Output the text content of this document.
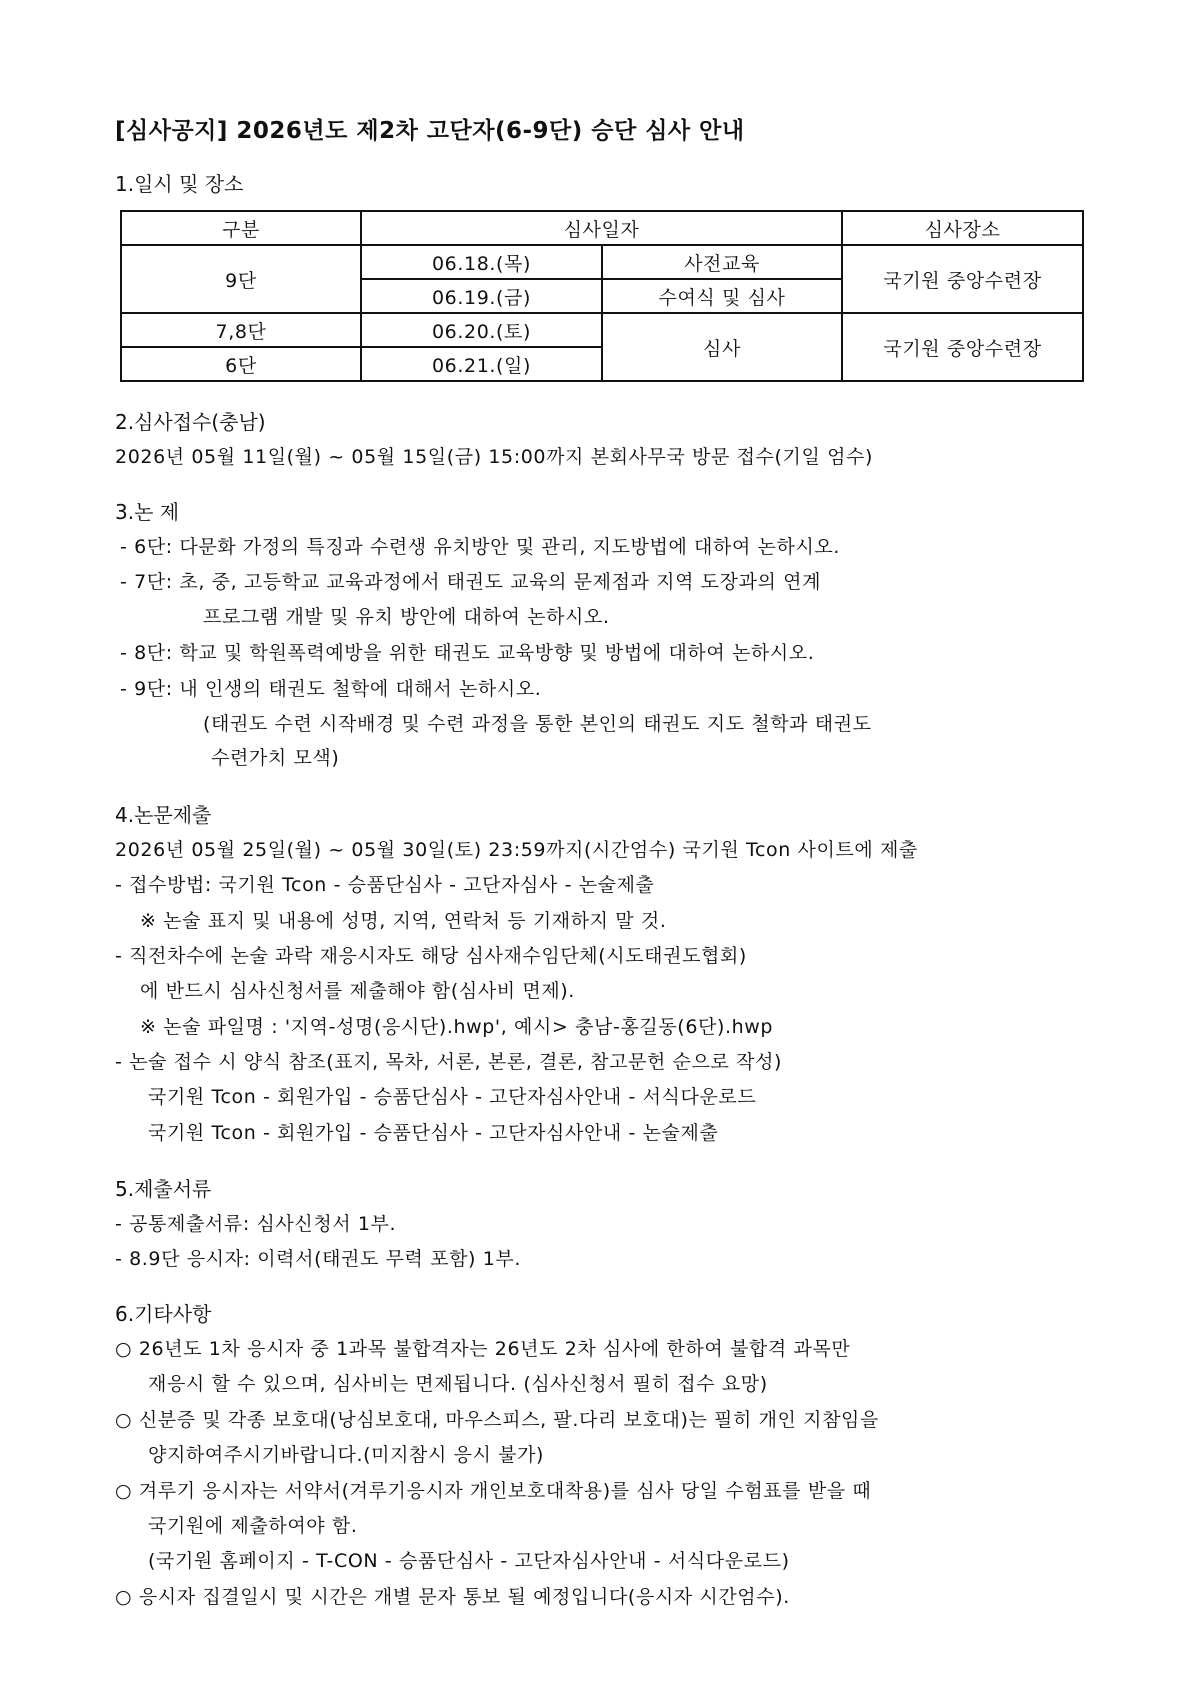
[심사공지] 2026년도 제2차 고단자(6-9단) 승단 심사 안내
1.일시 및 장소
구분	심사일자		심사장소
9단	06.18.(목)	사전교육	국기원 중앙수련장
	06.19.(금)	수여식 및 심사	
7,8단	06.20.(토)	심사	국기원 중앙수련장
6단	06.21.(일)		
2.심사접수(충남)
2026년 05월 11일(월) ~ 05월 15일(금) 15:00까지 본회사무국 방문 접수(기일 엄수)
3.논 제
- 6단: 다문화 가정의 특징과 수련생 유치방안 및 관리, 지도방법에 대하여 논하시오.
- 7단: 초, 중, 고등학교 교육과정에서 태권도 교육의 문제점과 지역 도장과의 연계
프로그램 개발 및 유치 방안에 대하여 논하시오.
- 8단: 학교 및 학원폭력예방을 위한 태권도 교육방향 및 방법에 대하여 논하시오.
- 9단: 내 인생의 태권도 철학에 대해서 논하시오.
(태권도 수련 시작배경 및 수련 과정을 통한 본인의 태권도 지도 철학과 태권도
수련가치 모색)
4.논문제출
2026년 05월 25일(월) ~ 05월 30일(토) 23:59까지(시간엄수) 국기원 Tcon 사이트에 제출
- 접수방법: 국기원 Tcon - 승품단심사 - 고단자심사 - 논술제출
※ 논술 표지 및 내용에 성명, 지역, 연락처 등 기재하지 말 것.
- 직전차수에 논술 과락 재응시자도 해당 심사재수임단체(시도태권도협회)
에 반드시 심사신청서를 제출해야 함(심사비 면제).
※ 논술 파일명 : '지역-성명(응시단).hwp', 예시> 충남-홍길동(6단).hwp
- 논술 접수 시 양식 참조(표지, 목차, 서론, 본론, 결론, 참고문헌 순으로 작성)
국기원 Tcon - 회원가입 - 승품단심사 - 고단자심사안내 - 서식다운로드
국기원 Tcon - 회원가입 - 승품단심사 - 고단자심사안내 - 논술제출
5.제출서류
- 공통제출서류: 심사신청서 1부.
- 8.9단 응시자: 이력서(태권도 무력 포함) 1부.
6.기타사항
○ 26년도 1차 응시자 중 1과목 불합격자는 26년도 2차 심사에 한하여 불합격 과목만
재응시 할 수 있으며, 심사비는 면제됩니다. (심사신청서 필히 접수 요망)
○ 신분증 및 각종 보호대(낭심보호대, 마우스피스, 팔.다리 보호대)는 필히 개인 지참임을
양지하여주시기바랍니다.(미지참시 응시 불가)
○ 겨루기 응시자는 서약서(겨루기응시자 개인보호대착용)를 심사 당일 수험표를 받을 때
국기원에 제출하여야 함.
(국기원 홈페이지 - T-CON - 승품단심사 - 고단자심사안내 - 서식다운로드)
○ 응시자 집결일시 및 시간은 개별 문자 통보 될 예정입니다(응시자 시간엄수).
